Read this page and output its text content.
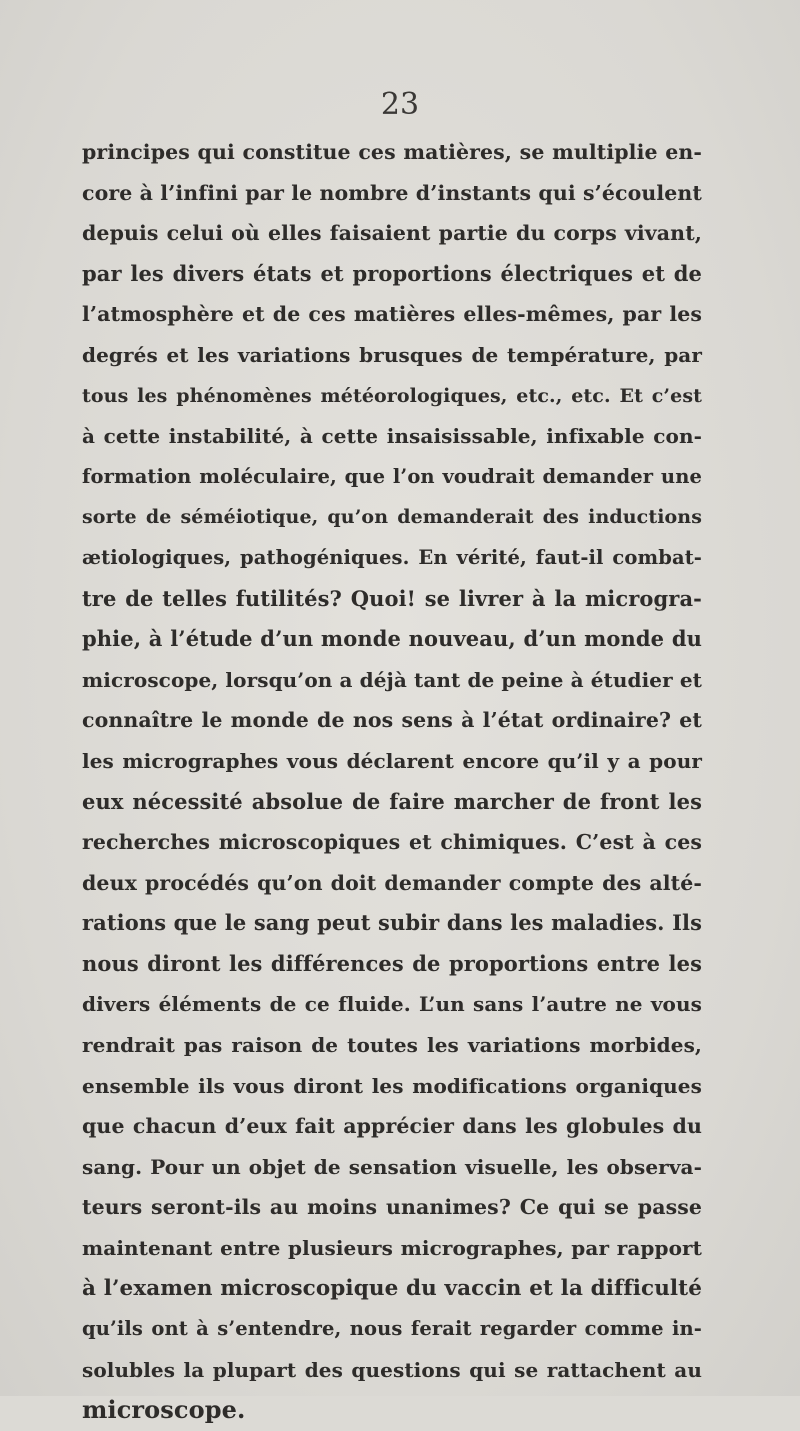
23
principes qui constitue ces matières, se multiplie en-
core à l’infini par le nombre d’instants qui s’écoulent
depuis celui où elles faisaient partie du corps vivant,
par les divers états et proportions électriques et de
l’atmosphère et de ces matières elles-mêmes, par les
degrés et les variations brusques de température, par
tous les phénomènes météorologiques, etc., etc. Et c’est
à cette instabilité, à cette insaisissable, infixable con-
formation moléculaire, que l’on voudrait demander une
sorte de séméiotique, qu’on demanderait des inductions
ætiologiques, pathogéniques. En vérité, faut-il combat-
tre de telles futilités? Quoi! se livrer à la microgra-
phie, à l’étude d’un monde nouveau, d’un monde du
microscope, lorsqu’on a déjà tant de peine à étudier et
connaître le monde de nos sens à l’état ordinaire? et
les micrographes vous déclarent encore qu’il y a pour
eux nécessité absolue de faire marcher de front les
recherches microscopiques et chimiques. C’est à ces
deux procédés qu’on doit demander compte des alté-
rations que le sang peut subir dans les maladies. Ils
nous diront les différences de proportions entre les
divers éléments de ce fluide. L’un sans l’autre ne vous
rendrait pas raison de toutes les variations morbides,
ensemble ils vous diront les modifications organiques
que chacun d’eux fait apprécier dans les globules du
sang. Pour un objet de sensation visuelle, les observa-
teurs seront-ils au moins unanimes? Ce qui se passe
maintenant entre plusieurs micrographes, par rapport
à l’examen microscopique du vaccin et la difficulté
qu’ils ont à s’entendre, nous ferait regarder comme in-
solubles la plupart des questions qui se rattachent au
microscope.
